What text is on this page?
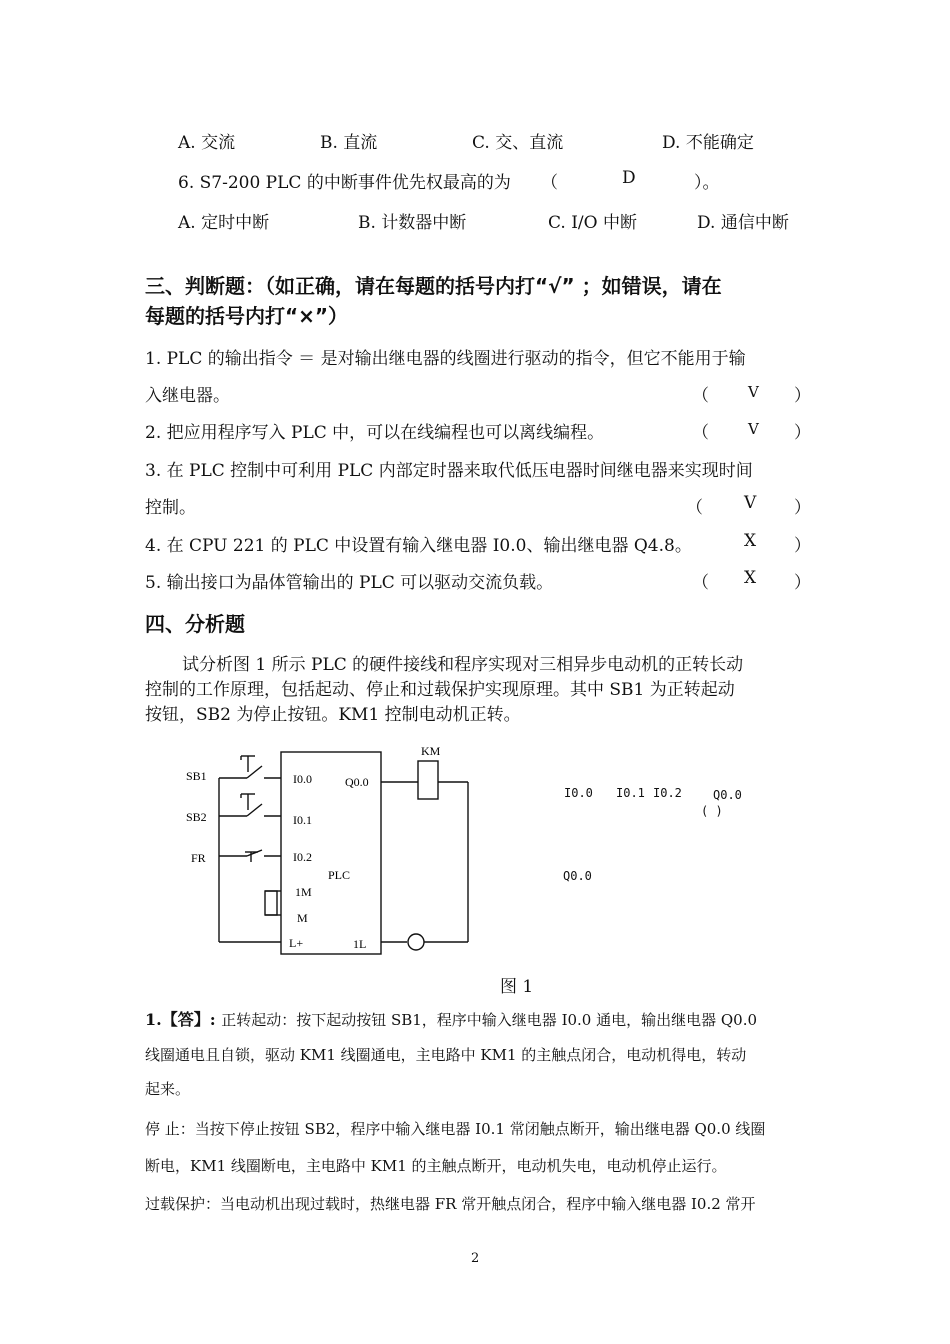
A. 交流	B. 直流	C. 交、直流	D. 不能确定
6. S7-200 PLC 的中断事件优先权最高的为 （	D	）。
A. 定时中断	B. 计数器中断	C. I/O 中断	D. 通信中断
三、判断题：（如正确，请在每题的括号内打“√” ；如错误，请在
每题的括号内打“×”）
1. PLC 的输出指令 ＝ 是对输出继电器的线圈进行驱动的指令，但它不能用于输
入继电器。	（	V ）
2. 把应用程序写入 PLC 中，可以在线编程也可以离线编程。	（	V ）
3. 在 PLC 控制中可利用 PLC 内部定时器来取代低压电器时间继电器来实现时间
控制。	（ V ）
4. 在 CPU 221 的 PLC 中设置有输入继电器 I0.0、输出继电器 Q4.8。	X ）
5. 输出接口为晶体管输出的 PLC 可以驱动交流负载。	（ X ）
四、分析题
试分析图 1 所示 PLC 的硬件接线和程序实现对三相异步电动机的正转长动
控制的工作原理，包括起动、停止和过载保护实现原理。其中 SB1 为正转起动
按钮，SB2 为停止按钮。KM1 控制电动机正转。
SB1
SB2
FR
I0.0
I0.1
I0.2
Q0.0
PLC
1M
M
L+	1L
KM
I0.0 I0.1 I0.2	Q0.0
( )
Q0.0
图 1
1.【答】: 正转起动：按下起动按钮 SB1，程序中输入继电器 I0.0 通电，输出继电器 Q0.0
线圈通电且自锁，驱动 KM1 线圈通电，主电路中 KM1 的主触点闭合，电动机得电，转动
起来。
停 止：当按下停止按钮 SB2，程序中输入继电器 I0.1 常闭触点断开，输出继电器 Q0.0 线圈
断电，KM1 线圈断电，主电路中 KM1 的主触点断开，电动机失电，电动机停止运行。
过载保护：当电动机出现过载时，热继电器 FR 常开触点闭合，程序中输入继电器 I0.2 常开
2
